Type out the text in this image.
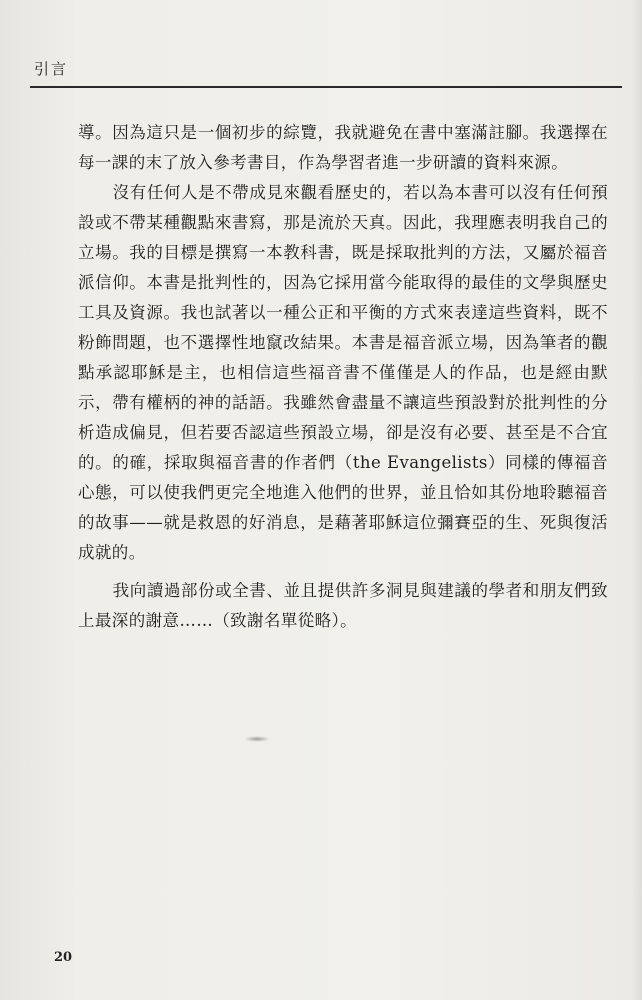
引言

導。因為這只是一個初步的綜覽，我就避免在書中塞滿註腳。我選擇在每一課的末了放入參考書目，作為學習者進一步研讀的資料來源。

沒有任何人是不帶成見來觀看歷史的，若以為本書可以沒有任何預設或不帶某種觀點來書寫，那是流於天真。因此，我理應表明我自己的立場。我的目標是撰寫一本教科書，既是採取批判的方法，又屬於福音派信仰。本書是批判性的，因為它採用當今能取得的最佳的文學與歷史工具及資源。我也試著以一種公正和平衡的方式來表達這些資料，既不粉飾問題，也不選擇性地竄改結果。本書是福音派立場，因為筆者的觀點承認耶穌是主，也相信這些福音書不僅僅是人的作品，也是經由默示，帶有權柄的神的話語。我雖然會盡量不讓這些預設對於批判性的分析造成偏見，但若要否認這些預設立場，卻是沒有必要、甚至是不合宜的。的確，採取與福音書的作者們（the Evangelists）同樣的傳福音心態，可以使我們更完全地進入他們的世界，並且恰如其份地聆聽福音的故事——就是救恩的好消息，是藉著耶穌這位彌賽亞的生、死與復活成就的。

我向讀過部份或全書、並且提供許多洞見與建議的學者和朋友們致上最深的謝意……（致謝名單從略）。

20
